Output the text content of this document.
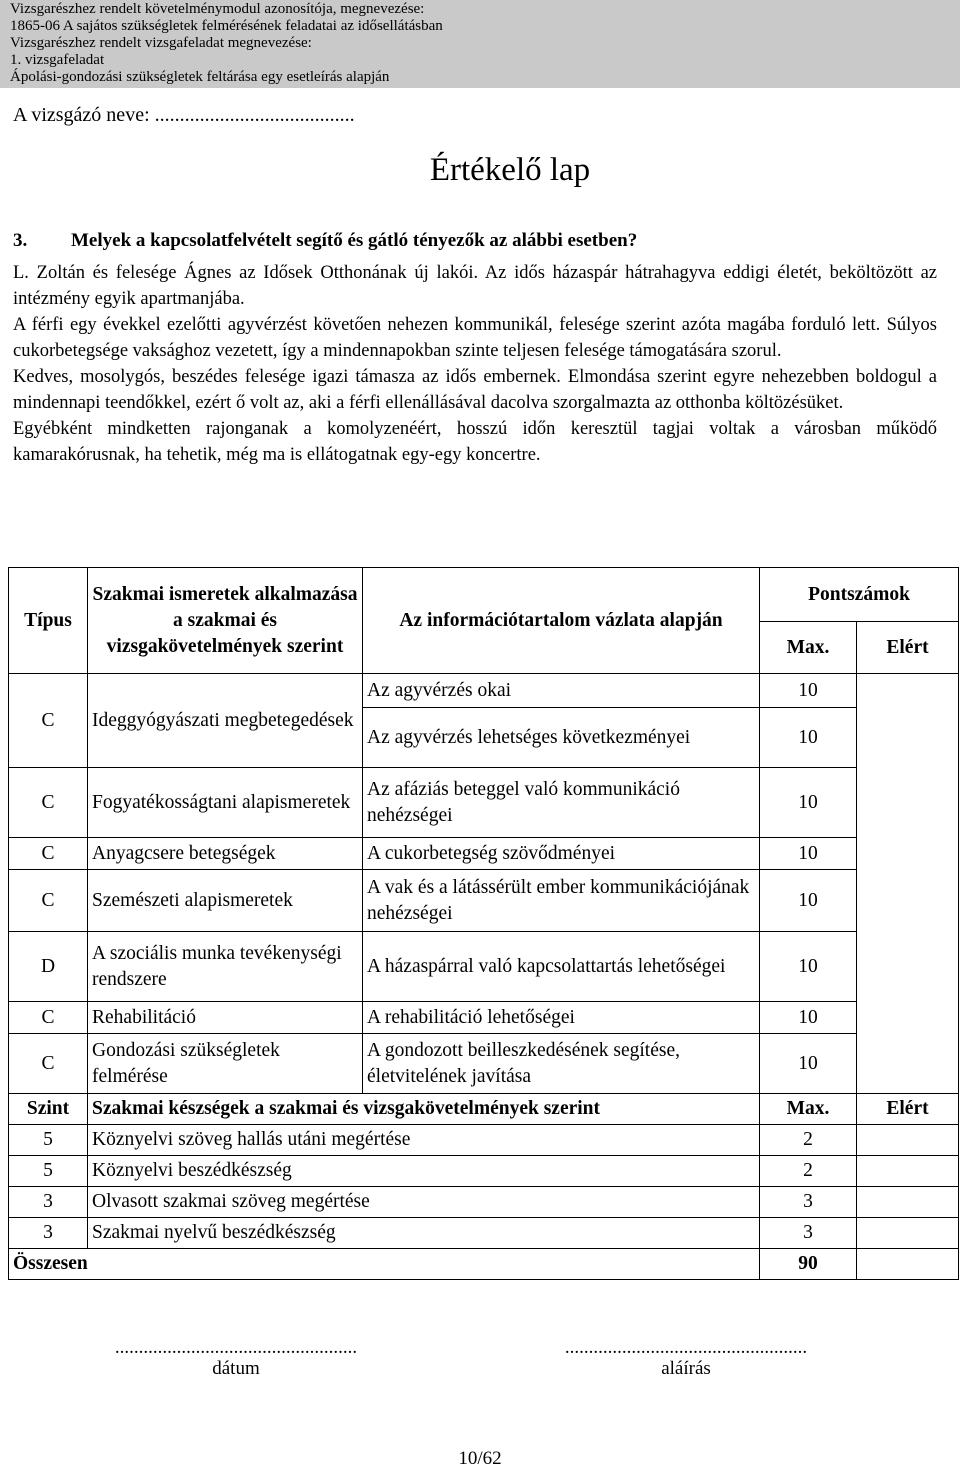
Vizsgarészhez rendelt követelménymodul azonosítója, megnevezése:
1865-06 A sajátos szükségletek felmérésének feladatai az idősellátásban
Vizsgarészhez rendelt vizsgafeladat megnevezése:
1. vizsgafeladat
Ápolási-gondozási szükségletek feltárása egy esetleírás alapján
A vizsgázó neve: ........................................
Értékelő lap
3. Melyek a kapcsolatfelvételt segítő és gátló tényezők az alábbi esetben?

L. Zoltán és felesége Ágnes az Idősek Otthonának új lakói. Az idős házaspár hátrahagyva eddigi életét, beköltözött az intézmény egyik apartmanjába.

A férfi egy évekkel ezelőtti agyvérzést követően nehezen kommunikál, felesége szerint azóta magába forduló lett. Súlyos cukorbetegsége vaksághoz vezetett, így a mindennapokban szinte teljesen felesége támogatására szorul.

Kedves, mosolygós, beszédes felesége igazi támasza az idős embernek. Elmondása szerint egyre nehezebben boldogul a mindennapi teendőkkel, ezért ő volt az, aki a férfi ellenállásával dacolva szorgalmazta az otthonba költözésüket.

Egyébként mindketten rajonganak a komolyzenéért, hosszú időn keresztül tagjai voltak a városban működő kamarakórusnak, ha tehetik, még ma is ellátogatnak egy-egy koncertre.

Típus	Szakmai ismeretek alkalmazása a szakmai és vizsgakövetelmények szerint	Az információtartalom vázlata alapján	Pontszámok	
			Max.	Elért
C	Ideggyógyászati megbetegedések	Az agyvérzés okai	10	
		Az agyvérzés lehetséges következményei	10	
C	Fogyatékosságtani alapismeretek	Az afáziás beteggel való kommunikáció nehézségei	10	
C	Anyagcsere betegségek	A cukorbetegség szövődményei	10	
C	Szemészeti alapismeretek	A vak és a látássérült ember kommunikációjának nehézségei	10	
D	A szociális munka tevékenységi rendszere	A házaspárral való kapcsolattartás lehetőségei	10	
C	Rehabilitáció	A rehabilitáció lehetőségei	10	
C	Gondozási szükségletek felmérése	A gondozott beilleszkedésének segítése, életvitelének javítása	10	
Szint	Szakmai készségek a szakmai és vizsgakövetelmények szerint		Max.	Elért
5	Köznyelvi szöveg hallás utáni megértése		2	
5	Köznyelvi beszédkészség		2	
3	Olvasott szakmai szöveg megértése		3	
3	Szakmai nyelvű beszédkészség		3	
Összesen			90	
...................................................
dátum
...................................................
aláírás
10/62
